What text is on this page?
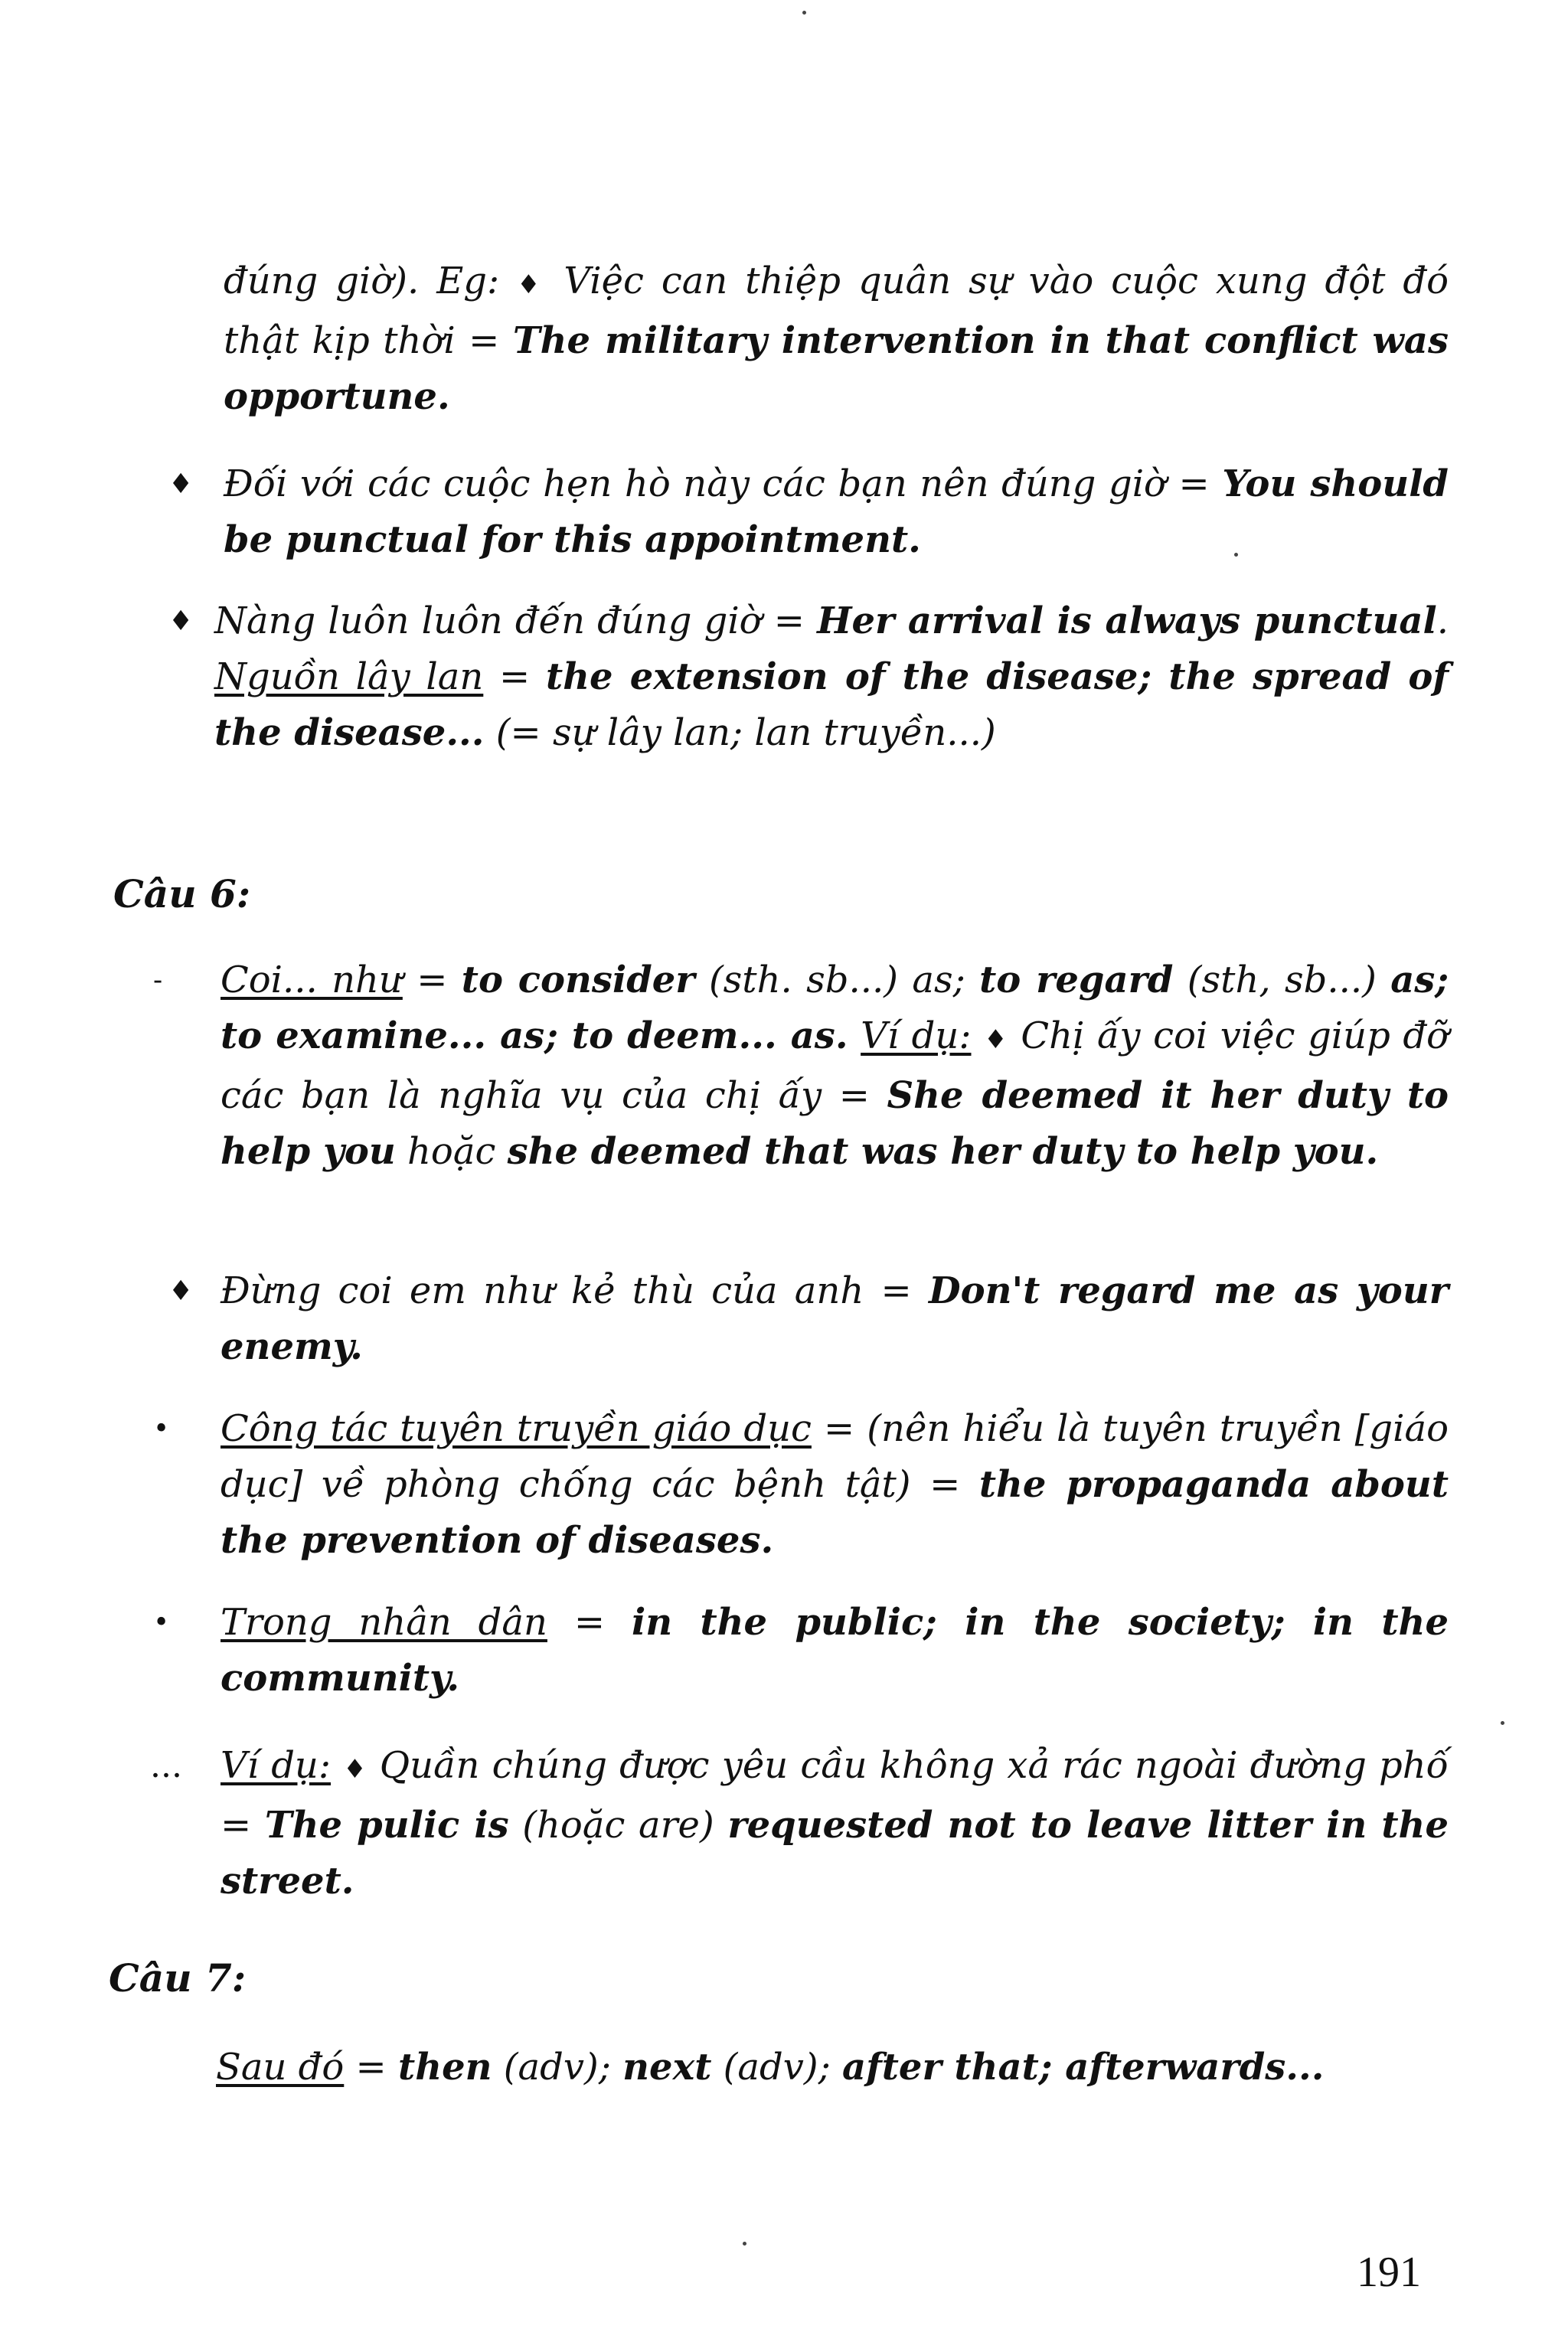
đúng giờ). Eg: ♦ Việc can thiệp quân sự vào cuộc xung đột đó thật kịp thời = The military intervention in that conflict was opportune.
♦ Đối với các cuộc hẹn hò này các bạn nên đúng giờ = You should be punctual for this appointment.
♦ Nàng luôn luôn đến đúng giờ = Her arrival is always punctual. Nguồn lây lan = the extension of the disease; the spread of the disease... (= sự lây lan; lan truyền...)
Câu 6:
- Coi... như = to consider (sth. sb...) as; to regard (sth, sb...) as; to examine... as; to deem... as. Ví dụ: ♦ Chị ấy coi việc giúp đỡ các bạn là nghĩa vụ của chị ấy = She deemed it her duty to help you hoặc she deemed that was her duty to help you.
♦ Đừng coi em như kẻ thù của anh = Don't regard me as your enemy.
• Công tác tuyên truyền giáo dục = (nên hiểu là tuyên truyền [giáo dục] về phòng chống các bệnh tật) = the propaganda about the prevention of diseases.
• Trong nhân dân = in the public; in the society; in the community.
... Ví dụ: ♦ Quần chúng được yêu cầu không xả rác ngoài đường phố = The pulic is (hoặc are) requested not to leave litter in the street.
Câu 7:
Sau đó = then (adv); next (adv); after that; afterwards...
191
